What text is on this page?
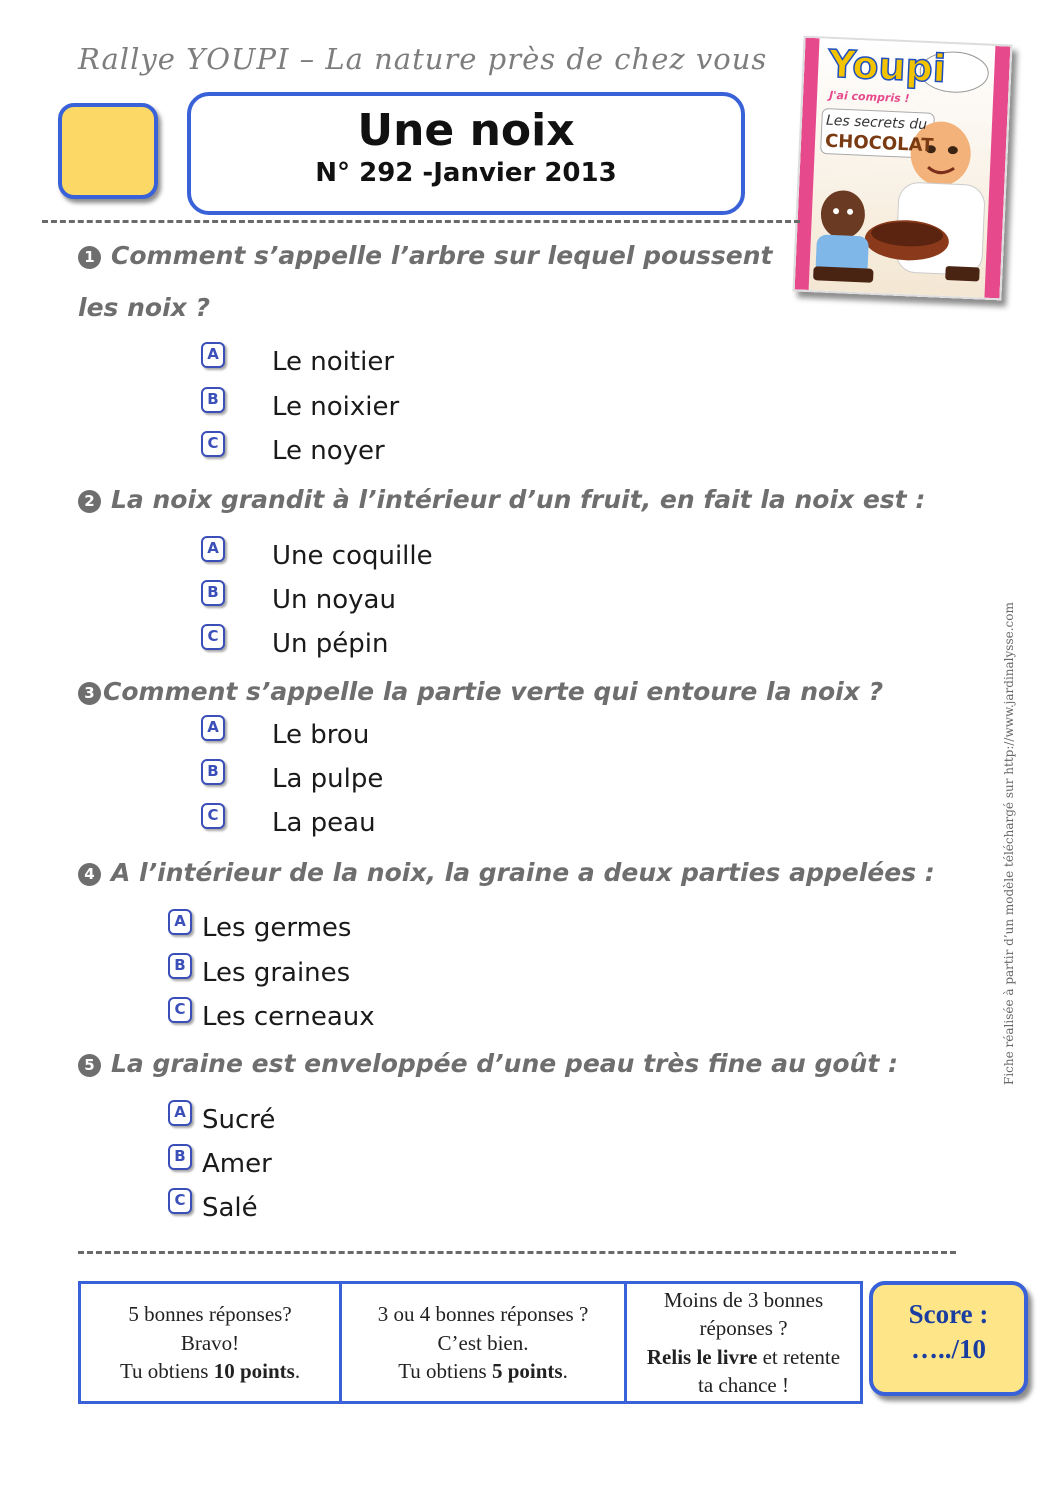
Rallye YOUPI – La nature près de chez vous
Une noix
N° 292 -Janvier 2013
Youpi
J'ai compris !
Les secrets du
CHOCOLAT
1 Comment s’appelle l’arbre sur lequel poussent
les noix ?
A Le noitier
B Le noixier
C Le noyer
2 La noix grandit à l’intérieur d’un fruit, en fait la noix est :
A Une coquille
B Un noyau
C Un pépin
3 Comment s’appelle la partie verte qui entoure la noix ?
A Le brou
B La pulpe
C La peau
4 A l’intérieur de la noix, la graine a deux parties appelées :
A Les germes
B Les graines
C Les cerneaux
5 La graine est enveloppée d’une peau très fine au goût :
A Sucré
B Amer
C Salé
Fiche réalisée à partir d’un modèle téléchargé sur http://www.jardinalysse.com
5 bonnes réponses?
Bravo!
Tu obtiens 10 points.

3 ou 4 bonnes réponses ?
C’est bien.
Tu obtiens 5 points.

Moins de 3 bonnes
réponses ?
Relis le livre et retente
ta chance !
Score :
…../10
